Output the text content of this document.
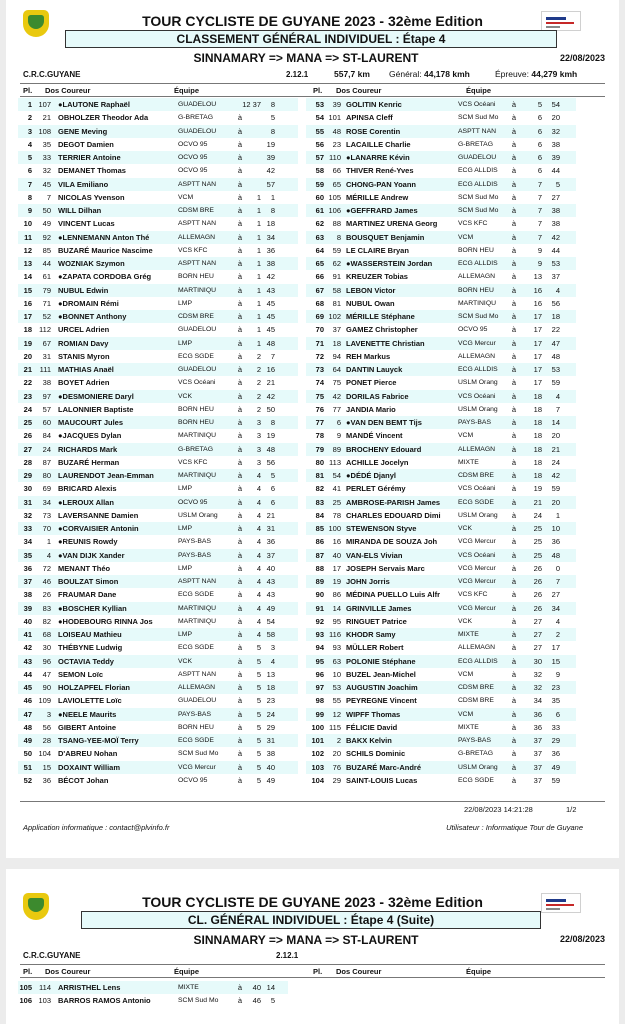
TOUR CYCLISTE DE GUYANE 2023 - 32ème Edition
CLASSEMENT GÉNÉRAL INDIVIDUEL : Étape 4
SINNAMARY => MANA => ST-LAURENT	22/08/2023
C.R.C.GUYANE	2.12.1	557,7 km Général: 44,178 kmh	Épreuve: 44,279 kmh
Pl. Dos Coureur	Équipe	Pl. Dos Coureur	Équipe
1 107 ●LAUTONE Raphaël	GUADELOU	12 37	8
2	21 OBHOLZER Theodor Ada	G-BRETAG	à	5
3 108 GENE Meving	GUADELOU	à	8
4	35 DEGOT Damien	OCVO 95	à	19
5	33 TERRIER Antoine	OCVO 95	à	39
6	32 DEMANET Thomas	OCVO 95	à	42
7	45 VILA Emiliano	ASPTT NAN	à	57
8	7 NICOLAS Yvenson	VCM	à	1	1
9	50 WILL Dilhan	CDSM BRE	à	1	8
10	49 VINCENT Lucas	ASPTT NAN	à	1 18
11	92 ●LENNEMANN Anton Thé	ALLEMAGN	à	1 34
12	85 BUZARÉ Maurice Nascime	VCS KFC	à	1 36
13	44 WOZNIAK Szymon	ASPTT NAN	à	1 38
14	61 ●ZAPATA CORDOBA Grég	BORN HEU	à	1 42
15	79 NUBUL Edwin	MARTINIQU	à	1 43
16	71 ●DROMAIN Rémi	LMP	à	1 45
17	52 ●BONNET Anthony	CDSM BRE	à	1 45
18 112 URCEL Adrien	GUADELOU	à	1 45
19	67 ROMIAN Davy	LMP	à	1 48
20	31 STANIS Myron	ECG SGDE	à	2	7
21	111 MATHIAS Anaël	GUADELOU	à	2 16
22	38 BOYET Adrien	VCS Océani	à	2 21
23	97 ●DESMONIERE Daryl	VCK	à	2 42
24	57 LALONNIER Baptiste	BORN HEU	à	2 50
25	60 MAUCOURT Jules	BORN HEU	à	3	8
26	84 ●JACQUES Dylan	MARTINIQU	à	3 19
27	24 RICHARDS Mark	G-BRETAG	à	3 48
28	87 BUZARÉ Herman	VCS KFC	à	3 56
29	80 LAURENDOT Jean-Emman	MARTINIQU	à	4	5
30	69 BRICARD Alexis	LMP	à	4	6
31	34 ●LEROUX Allan	OCVO 95	à	4	6
32	73 LAVERSANNE Damien	USLM Orang	à	4 21
33	70 ●CORVAISIER Antonin	LMP	à	4 31
34	1 ●REUNIS Rowdy	PAYS-BAS	à	4 36
35	4 ●VAN DIJK Xander	PAYS-BAS	à	4 37
36	72 MENANT Théo	LMP	à	4 40
37	46 BOULZAT Simon	ASPTT NAN	à	4 43
38	26 FRAUMAR Dane	ECG SGDE	à	4 43
39	83 ●BOSCHER Kyllian	MARTINIQU	à	4 49
40	82 ●HODEBOURG RINNA Jos	MARTINIQU	à	4 54
41	68 LOISEAU Mathieu	LMP	à	4 58
42	30 THÉBYNE Ludwig	ECG SGDE	à	5	3
43	96 OCTAVIA Teddy	VCK	à	5	4
44	47 SEMON Loïc	ASPTT NAN	à	5 13
45	90 HOLZAPFEL Florian	ALLEMAGN	à	5 18
46 109 LAVIOLETTE Loïc	GUADELOU	à	5 23
47	3 ●NEELE Maurits	PAYS-BAS	à	5 24
48	56 GIBERT Antoine	BORN HEU	à	5 29
49	28 TSANG-YEE-MOÏ Terry	ECG SGDE	à	5 31
50 104 D'ABREU Nohan	SCM Sud Mo	à	5 38
51	15 DOXAINT William	VCG Mercur	à	5 40
52	36 BÉCOT Johan	OCVO 95	à	5 49
53	39 GOLITIN Kenric	VCS Océani	à	5	54
54 101 APINSA Cleff	SCM Sud Mo	à	6	20
55	48 ROSE Corentin	ASPTT NAN	à	6	32
56	23 LACAILLE Charlie	G-BRETAG	à	6	38
57 110 ●LANARRE Kévin	GUADELOU	à	6	39
58	66 THIVER René-Yves	ECG ALLDIS	à	6	44
59	65 CHONG-PAN Yoann	ECG ALLDIS	à	7	5
60 105 MÉRILLE Andrew	SCM Sud Mo	à	7	27
61 106 ●GEFFRARD James	SCM Sud Mo	à	7	38
62	88 MARTINEZ URENA Georg	VCS KFC	à	7	38
63	8 BOUSQUET Benjamin	VCM	à	7	42
64	59 LE CLAIRE Bryan	BORN HEU	à	9	44
65	62 ●WASSERSTEIN Jordan	ECG ALLDIS	à	9	53
66	91 KREUZER Tobias	ALLEMAGN	à	13	37
67	58 LEBON Victor	BORN HEU	à	16	4
68	81 NUBUL Owan	MARTINIQU	à	16	56
69 102 MÉRILLE Stéphane	SCM Sud Mo	à	17	18
70	37 GAMEZ Christopher	OCVO 95	à	17	22
71	18 LAVENETTE Christian	VCG Mercur	à	17	47
72	94 REH Markus	ALLEMAGN	à	17	48
73	64 DANTIN Lauyck	ECG ALLDIS	à	17	53
74	75 PONET Pierce	USLM Orang	à	17	59
75	42 DORILAS Fabrice	VCS Océani	à	18	4
76	77 JANDIA Mario	USLM Orang	à	18	7
77	6 ●VAN DEN BEMT Tijs	PAYS-BAS	à	18	14
78	9 MANDÉ Vincent	VCM	à	18	20
79	89 BROCHENY Edouard	ALLEMAGN	à	18	21
80 113 ACHILLE Jocelyn	MIXTE	à	18	24
81	54 ●DÉDÉ Djanyl	CDSM BRE	à	18	42
82	41 PERLET Gérémy	VCS Océani	à	19	59
83	25 AMBROSE-PARISH James	ECG SGDE	à	21	20
84	78 CHARLES EDOUARD Dimi	USLM Orang	à	24	1
85 100 STEWENSON Styve	VCK	à	25	10
86	16 MIRANDA DE SOUZA Joh	VCG Mercur	à	25	36
87	40 VAN-ELS Vivian	VCS Océani	à	25	48
88	17 JOSEPH Servais Marc	VCG Mercur	à	26	0
89	19 JOHN Jorris	VCG Mercur	à	26	7
90	86 MÉDINA PUELLO Luis Alfr	VCS KFC	à	26	27
91	14 GRINVILLE James	VCG Mercur	à	26	34
92	95 RINGUET Patrice	VCK	à	27	4
93 116 KHODR Samy	MIXTE	à	27	2
94	93 MÜLLER Robert	ALLEMAGN	à	27	17
95	63 POLONIE Stéphane	ECG ALLDIS	à	30	15
96	10 BUZEL Jean-Michel	VCM	à	32	9
97	53 AUGUSTIN Joachim	CDSM BRE	à	32	23
98	55 PEYREGNE Vincent	CDSM BRE	à	34	35
99	12 WIPFF Thomas	VCM	à	36	6
100 115 FÉLICIE David	MIXTE	à	36	33
101	2 BAKX Kelvin	PAYS-BAS	à	37	29
102	20 SCHILS Dominic	G-BRETAG	à	37	36
103	76 BUZARÉ Marc-André	USLM Orang	à	37	49
104	29 SAINT-LOUIS Lucas	ECG SGDE	à	37	59
22/08/2023 14:21:28	1/2
Application informatique : contact@plvinfo.fr	Utilisateur : Informatique Tour de Guyane
TOUR CYCLISTE DE GUYANE 2023 - 32ème Edition
CL. GÉNÉRAL INDIVIDUEL : Étape 4 (Suite)
SINNAMARY => MANA => ST-LAURENT	22/08/2023
C.R.C.GUYANE	2.12.1
Pl. Dos Coureur	Équipe	Pl. Dos Coureur	Équipe
105 114 ARRISTHEL Lens	MIXTE	à	40 14
106 103 BARROS RAMOS Antonio	SCM Sud Mo	à	46	5
